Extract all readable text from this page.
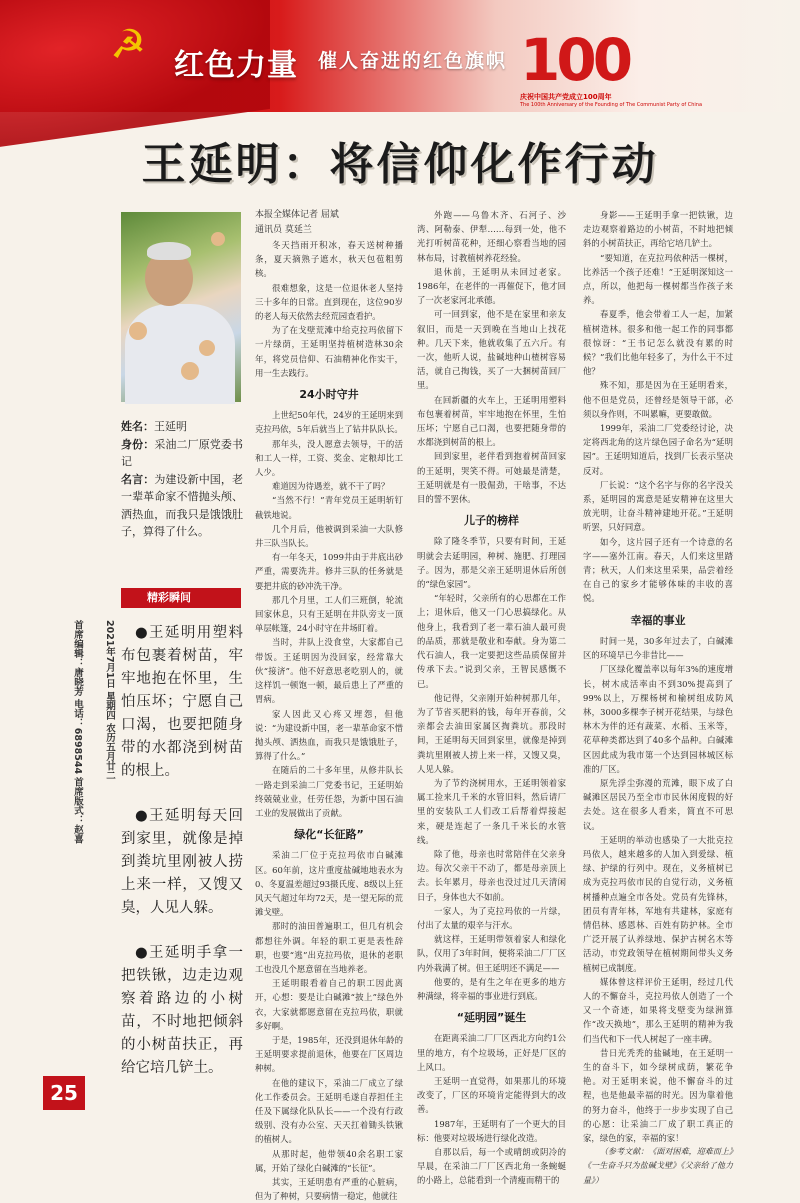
☭ 红色力量 催人奋进的红色旗帜 100
庆祝中国共产党成立100周年
The 100th Anniversary of the Founding of The Communist Party of China
王延明：将信仰化作行动

姓名：王延明

身份：采油二厂原党委书记

名言：为建设新中国，老一辈革命家不惜抛头颅、洒热血，而我只是饿饿肚子，算得了什么。

精彩瞬间

●王延明用塑料布包裹着树苗，牢牢地抱在怀里，生怕压坏；宁愿自己口渴，也要把随身带的水都浇到树苗的根上。

●王延明每天回到家里，就像是掉到粪坑里刚被人捞上来一样，又馊又臭，人见人躲。

●王延明手拿一把铁锹，边走边观察着路边的小树苗，不时地把倾斜的小树苗扶正，再给它培几铲土。

本报全媒体记者 屈斌

通讯员 莫延兰

冬天挡雨开积冰，春天送树种播条，夏天摘熟子遮水，秋天包苞粗剪核。

很难想象，这是一位退休老人坚持三十多年的日常。直到现在，这位90岁的老人每天依然去经荒园查看护。

为了在戈壁荒滩中给克拉玛依留下一片绿荫，王延明坚持植树造林30余年，将党员信仰、石油精神化作实干，用一生去践行。

24小时守井

上世纪50年代，24岁的王延明来到克拉玛依，5年后就当上了钻井队队长。

那年头，没人愿意去领导，干的活和工人一样，工资、奖金、定粮却比工人少。

难道因为待遇差，就不干了吗？

“当然不行！”青年党员王延明斩钉截铁地说。

几个月后，他被调到采油一大队修井三队当队长。

有一年冬天，1099井由于井底出砂严重，需要洗井。修井三队的任务就是要把井底的砂冲洗干净。

那几个月里，工人们三班倒，轮流回家休息，只有王延明在井队旁支一顶单层帐篷，24小时守在井场盯着。

当时，井队上没食堂，大家都自己带饭。王延明因为没回家，经常靠大伙“接济”。他不好意思老吃别人的，就这样饥一顿饱一顿，最后患上了严重的胃病。

家人因此又心疼又埋怨，但他说：“为建设新中国，老一辈革命家不惜抛头颅、洒热血，而我只是饿饿肚子，算得了什么。”

在随后的二十多年里，从修井队长一路走到采油二厂党委书记，王延明始终兢兢业业，任劳任怨，为新中国石油工业的发展做出了贡献。

绿化“长征路”

采油二厂位于克拉玛依市白碱滩区。60年前，这片重度盐碱地地表水为0、冬夏温差超过93摄氏度、8级以上狂风天气超过年均72天，是一望无际的荒滩戈壁。

那时的油田普遍职工，但几有机会都想往外调。年轻的职工更是表性辞职，也要“逃”出克拉玛依，退休的老职工也没几个愿意留在当地养老。

王延明眼看着自己的职工因此离开，心想：要是让白碱滩“披上”绿色外衣，大家就都愿意留在克拉玛依，职就多好啊。

于是，1985年，还没到退休年龄的王延明要求提前退休，他要在厂区周边种树。

在他的建议下，采油二厂成立了绿化工作委员会。王延明毛遂自荐担任主任及下属绿化队队长——一个没有行政级别、没有办公室、天天扛着锄头铁锹的植树人。

从那时起，他带领40余名职工家属，开始了绿化白碱滩的“长征”。

其实，王延明患有严重的心脏病，但为了种树，只要病情一稳定，他就往

外跑——乌鲁木齐、石河子、沙湾、阿勒泰、伊犁……每到一处，他不光打听树苗花种，还细心察看当地的园林布局，讨教植树养花经验。

退休前，王延明从未回过老家。1986年，在老伴的一再催促下，他才回了一次老家河北承德。

可一回到家，他不是在家里和亲友叙旧，而是一天到晚在当地山上找花种。几天下来，他就收集了五六斤。有一次，他听人说，盐碱地种山楂树容易活，就自己掏钱，买了一大捆树苗回厂里。

在回新疆的火车上，王延明用塑料布包裹着树苗，牢牢地抱在怀里，生怕压坏；宁愿自己口渴，也要把随身带的水都浇到树苗的根上。

回到家里，老伴看到抱着树苗回家的王延明，哭笑不得。可她最是清楚，王延明就是有一股倔劲，干啥事，不达目的誓不罢休。

儿子的榜样

除了隆冬季节，只要有时间，王延明就会去延明园，种树、施肥、打理园子。因为，那是父亲王延明退休后所创的“绿色家园”。

“年轻时，父亲所有的心思都在工作上；退休后，他又一门心思搞绿化。从他身上，我看到了老一辈石油人最可贵的品质，那就是敬业和奉献。身为第二代石油人，我一定要把这些品质保留并传承下去。”说到父亲，王智民感慨不已。

他记得，父亲刚开始种树那几年，为了节省买肥料的钱，每年开春前，父亲都会去油田家属区掏粪坑。那段时间，王延明每天回到家里，就像是掉到粪坑里刚被人捞上来一样，又馊又臭，人见人躲。

为了节约浇树用水，王延明领着家属工捡来几千米的水管旧料，然后请厂里的安装队工人们改工后帮着焊接起来，硬是连起了一条几千米长的水管线。

除了他，母亲也时常陪伴在父亲身边。每次父亲干不动了，都是母亲顶上去。长年累月，母亲也没过过几天清闲日子，身体也大不如前。

一家人，为了克拉玛依的一片绿，付出了太量的艰辛与汗水。

就这样，王延明带领着家人和绿化队，仅用了3年时间，便将采油二厂厂区内外栽满了树。但王延明还不满足——

他要的，是有生之年在更多的地方种满绿，将幸福的事业进行到底。

“延明园”诞生

在距离采油二厂厂区西北方向约1公里的地方，有个垃圾场，正好是厂区的上风口。

王延明一直觉得，如果那儿的环境改变了，厂区的环境肯定能得到大的改善。

1987年，王延明有了一个更大的目标：他要对垃圾场进行绿化改造。

自那以后，每一个或晴朗或阴冷的早晨，在采油二厂厂区西北角一条蜿蜒的小路上，总能看到一个清瘦而精干的

身影——王延明手拿一把铁锹，边走边观察着路边的小树苗，不时地把倾斜的小树苗扶正，再给它培几铲土。

“要知道，在克拉玛依种活一棵树，比养活一个孩子还难！”王延明深知这一点，所以，他把每一棵树都当作孩子来养。

春夏季，他会带着工人一起，加紧植树造林。很多和他一起工作的同事都很惊讶：“王书记怎么就没有累的时候？”我们比他年轻多了，为什么干不过他？

殊不知，那是因为在王延明看来，他不但是党员，还曾经是领导干部，必须以身作则，不叫累嘛，更要敢做。

1999年，采油二厂党委经讨论，决定将西北角的这片绿色园子命名为“延明园”。王延明知道后，找到厂长表示坚决反对。

厂长说：“这个名字与你的名字没关系，延明园的寓意是延安精神在这里大放光明，让奋斗精神建地开花。”王延明听罢，只好同意。

如今，这片园子还有一个诗意的名字——塞外江南。春天，人们来这里踏青；秋天，人们来这里采果，品尝着经在自己的家乡才能够体味的丰收的喜悦。

幸福的事业

时间一晃，30多年过去了，白碱滩区的环境早已今非昔比——

厂区绿化覆盖率以每年3%的速度增长，树木成活率由不到30%提高到了99%以上，万棵杨树和榆树组成防风林，3000多棵李子树开花结果，与绿色林木为伴的还有蔬菜、水稻、玉米等，花草种类都达到了40多个品种。白碱滩区因此成为我市第一个达到园林城区标准的厂区。

原先浮尘弥漫的荒滩，眼下成了白碱滩区居民乃至全市市民休闲度假的好去处。这在很多人看来，简直不可思议。

王延明的举动也感染了一大批克拉玛依人，越来越多的人加入到爱绿、植绿、护绿的行列中。现在，义务植树已成为克拉玛依市民的自觉行动，义务植树播种点遍全市各处。党员有先锋林，团员有青年林，军地有共建林，家庭有情侣林、感恩林、百姓有防护林。全市广泛开展了认养绿地、保护古树名木等活动，市党政领导在植树期间带头义务植树已成制度。

媒体曾这样评价王延明，经过几代人的不懈奋斗，克拉玛依人创造了一个又一个奇迹，如果将戈壁变为绿洲算作“改天换地”，那么王延明的精神为我们当代和下一代人树起了一座丰碑。

昔日光秃秃的盐碱地，在王延明一生的奋斗下，如今绿树成荫，繁花争艳。对王延明来说，他不懈奋斗的过程，也是他最幸福的时光。因为靠着他的努力奋斗，他终于一步步实现了自己的心愿：让采油二厂成了职工真正的家，绿色的家，幸福的家！

（参考文献：《面对困难，迎难而上》《一生奋斗只为盐碱戈壁》《父亲给了他力量》）

首席编辑：唐晓芳 电话：6898544 首席版式：赵喜	2021年7月1日 星期四 农历五月廿二
25
